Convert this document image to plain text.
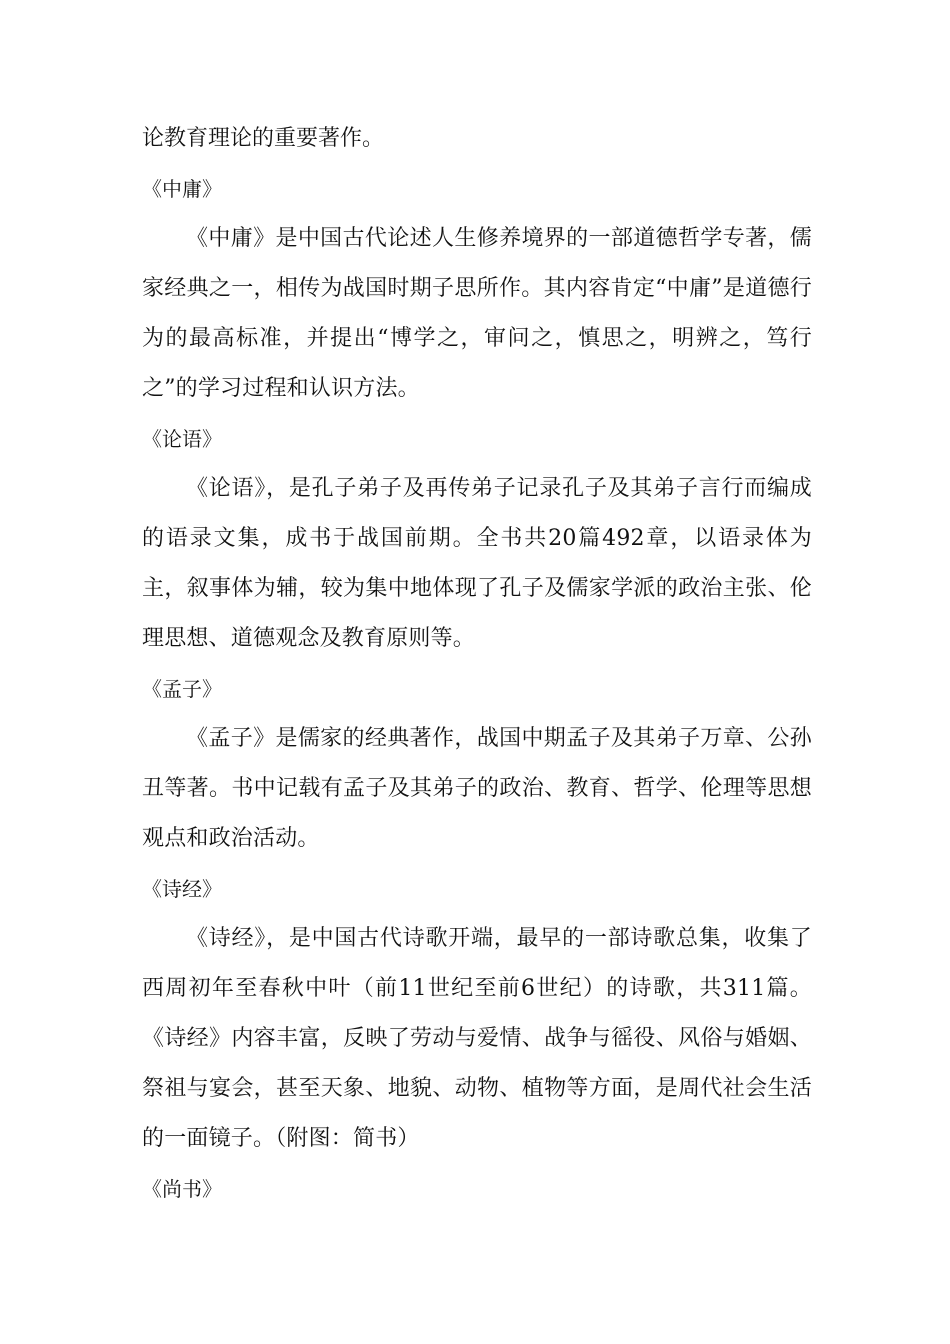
论教育理论的重要著作。
《中庸》
《中庸》是中国古代论述人生修养境界的一部道德哲学专著，儒家经典之一，相传为战国时期子思所作。其内容肯定“中庸”是道德行为的最高标准，并提出“博学之，审问之，慎思之，明辨之，笃行之”的学习过程和认识方法。
《论语》
《论语》，是孔子弟子及再传弟子记录孔子及其弟子言行而编成的语录文集，成书于战国前期。全书共20篇492章，以语录体为主，叙事体为辅，较为集中地体现了孔子及儒家学派的政治主张、伦理思想、道德观念及教育原则等。
《孟子》
《孟子》是儒家的经典著作，战国中期孟子及其弟子万章、公孙丑等著。书中记载有孟子及其弟子的政治、教育、哲学、伦理等思想观点和政治活动。
《诗经》
《诗经》，是中国古代诗歌开端，最早的一部诗歌总集，收集了西周初年至春秋中叶（前11世纪至前6世纪）的诗歌，共311篇。《诗经》内容丰富，反映了劳动与爱情、战争与徭役、风俗与婚姻、祭祖与宴会，甚至天象、地貌、动物、植物等方面，是周代社会生活的一面镜子。（附图：简书）
《尚书》
